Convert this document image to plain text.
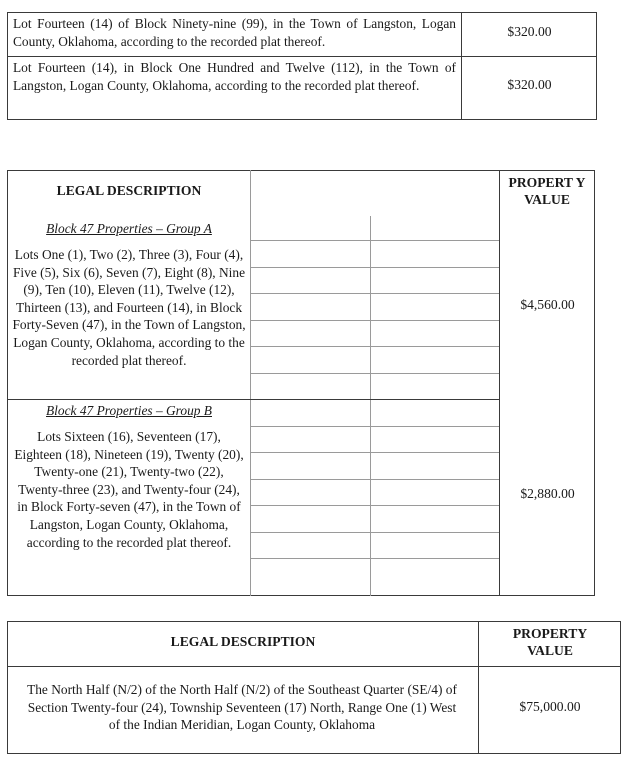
Lot Fourteen (14) of Block Ninety-nine (99), in the Town of Langston, Logan County, Oklahoma, according to the recorded plat thereof.
$320.00
Lot Fourteen (14), in Block One Hundred and Twelve (112), in the Town of Langston, Logan County, Oklahoma, according to the recorded plat thereof.	$320.00
LEGAL DESCRIPTION
PROPERT Y VALUE
Block 47 Properties – Group A
Lots One (1), Two (2), Three (3), Four (4), Five (5), Six (6), Seven (7), Eight (8), Nine (9), Ten (10), Eleven (11), Twelve (12), Thirteen (13), and Fourteen (14), in Block Forty-Seven (47), in the Town of Langston, Logan County, Oklahoma, according to the recorded plat thereof.
$4,560.00
Block 47 Properties – Group B
Lots Sixteen (16), Seventeen (17), Eighteen (18), Nineteen (19), Twenty (20), Twenty-one (21), Twenty-two (22), Twenty-three (23), and Twenty-four (24), in Block Forty-seven (47), in the Town of Langston, Logan County, Oklahoma, according to the recorded plat thereof.
$2,880.00
LEGAL DESCRIPTION
PROPERTY VALUE
The North Half (N/2) of the North Half (N/2) of the Southeast Quarter (SE/4) of Section Twenty-four (24), Township Seventeen (17) North, Range One (1) West of the Indian Meridian, Logan County, Oklahoma
$75,000.00
